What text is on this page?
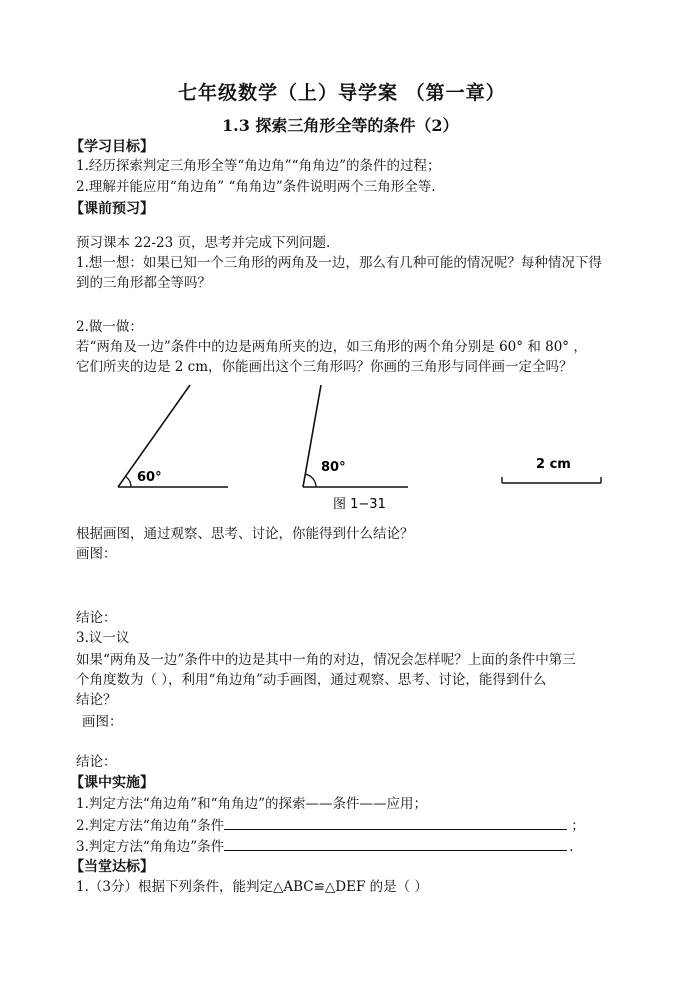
七年级数学（上）导学案 （第一章）
1.3 探索三角形全等的条件（2）
【学习目标】
1.经历探索判定三角形全等“角边角”“角角边”的条件的过程；
2.理解并能应用“角边角” “角角边”条件说明两个三角形全等.
【课前预习】
预习课本 22-23 页，思考并完成下列问题.
1.想一想：如果已知一个三角形的两角及一边，那么有几种可能的情况呢？每种情况下得
到的三角形都全等吗？
2.做一做：
若“两角及一边”条件中的边是两角所夹的边，如三角形的两个角分别是 60° 和 80° ，
它们所夹的边是 2 cm，你能画出这个三角形吗？你画的三角形与同伴画一定全吗？
60°
80°	2 cm
图 1−31
根据画图，通过观察、思考、讨论，你能得到什么结论？
画图：
结论：
3.议一议
如果“两角及一边”条件中的边是其中一角的对边，情况会怎样呢？上面的条件中第三
个角度数为（ ），利用“角边角”动手画图，通过观察、思考、讨论，能得到什么
结论？
画图：
结论：
【课中实施】
1.判定方法“角边角”和“角角边”的探索——条件——应用；
2.判定方法“角边角”条件	；
3.判定方法“角角边”条件	.
【当堂达标】
1.（3分）根据下列条件，能判定△ABC≌△DEF 的是（ ）
